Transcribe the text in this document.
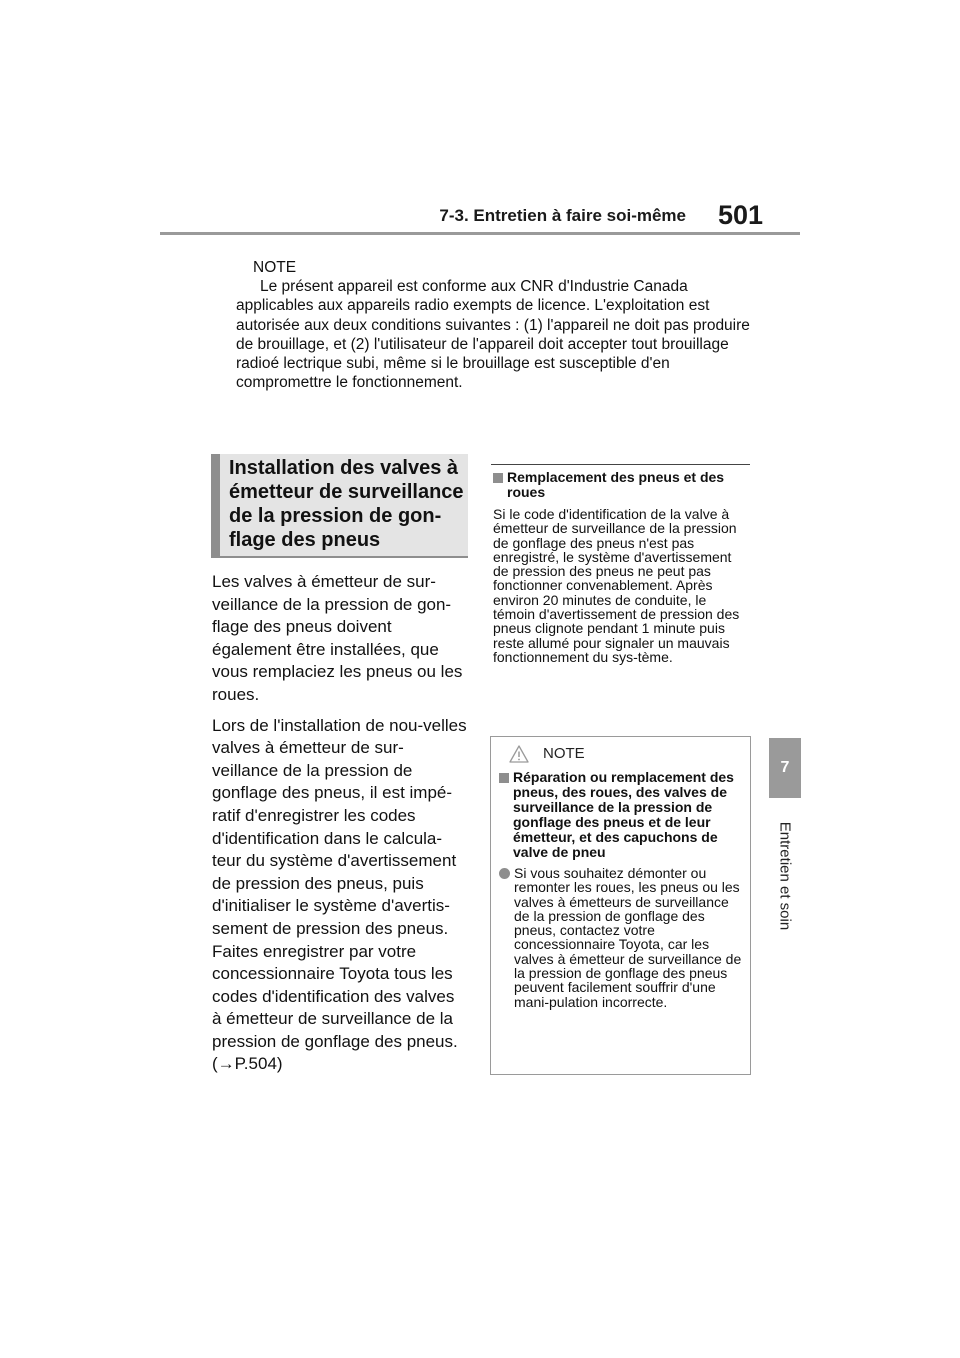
7-3. Entretien à faire soi-même 501
7
Entretien et soin
NOTE

Le présent appareil est conforme aux CNR d'Industrie Canada applicables aux appareils radio exempts de licence. L'exploitation est autorisée aux deux conditions suivantes : (1) l'appareil ne doit pas produire de brouillage, et (2) l'utilisateur de l'appareil doit accepter tout brouillage radioé lectrique subi, même si le brouillage est susceptible d'en compromettre le fonctionnement.

Installation des valves à émetteur de surveillance de la pression de gon-flage des pneus

Les valves à émetteur de sur-veillance de la pression de gon-flage des pneus doivent également être installées, que vous remplaciez les pneus ou les roues.

Lors de l'installation de nou-velles valves à émetteur de sur-veillance de la pression de gonflage des pneus, il est impé-ratif d'enregistrer les codes d'identification dans le calcula-teur du système d'avertissement de pression des pneus, puis d'initialiser le système d'avertis-sement de pression des pneus. Faites enregistrer par votre concessionnaire Toyota tous les codes d'identification des valves à émetteur de surveillance de la pression de gonflage des pneus. (→P.504)

Remplacement des pneus et des roues
Si le code d'identification de la valve à émetteur de surveillance de la pression de gonflage des pneus n'est pas enregistré, le système d'avertissement de pression des pneus ne peut pas fonctionner convenablement. Après environ 20 minutes de conduite, le témoin d'avertissement de pression des pneus clignote pendant 1 minute puis reste allumé pour signaler un mauvais fonctionnement du sys-tème.
NOTE
Réparation ou remplacement des pneus, des roues, des valves de surveillance de la pression de gonflage des pneus et de leur émetteur, et des capuchons de valve de pneu
Si vous souhaitez démonter ou remonter les roues, les pneus ou les valves à émetteurs de surveillance de la pression de gonflage des pneus, contactez votre concessionnaire Toyota, car les valves à émetteur de surveillance de la pression de gonflage des pneus peuvent facilement souffrir d'une mani-pulation incorrecte.
